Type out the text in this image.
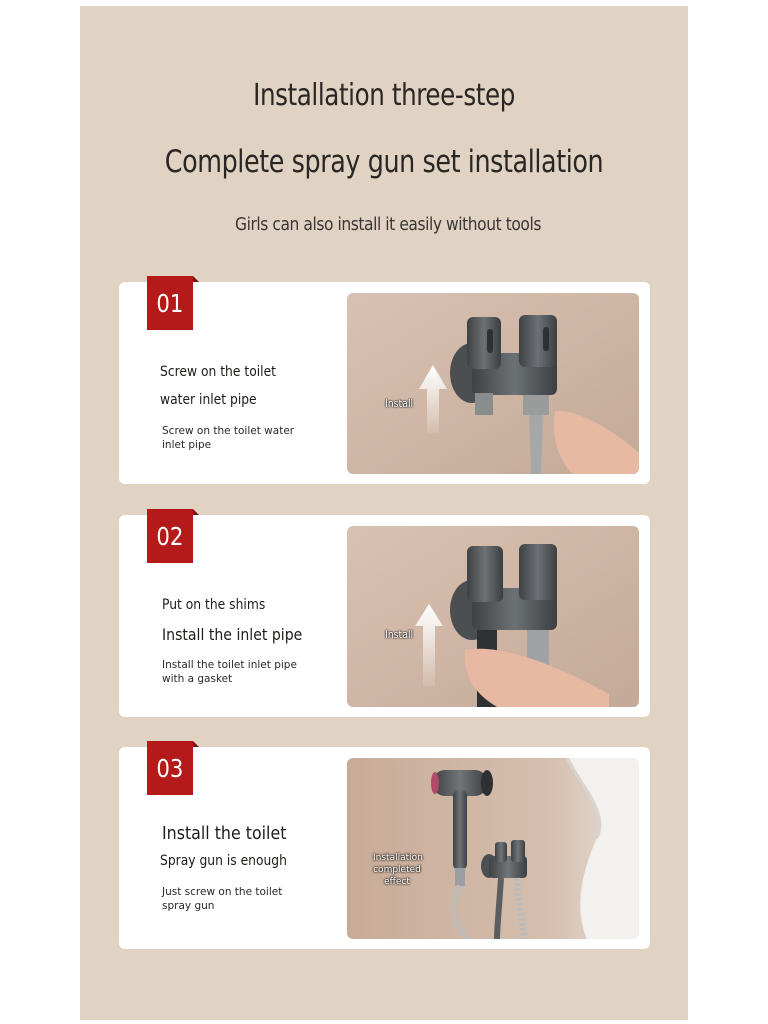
Installation three-step
Complete spray gun set installation
Girls can also install it easily without tools
01
Screw on the toilet
water inlet pipe
Screw on the toilet water inlet pipe
Install
02
Put on the shims
Install the inlet pipe
Install the toilet inlet pipe with a gasket
Install
03
Install the toilet
Spray gun is enough
Just screw on the toilet spray gun
Installation completed effect
